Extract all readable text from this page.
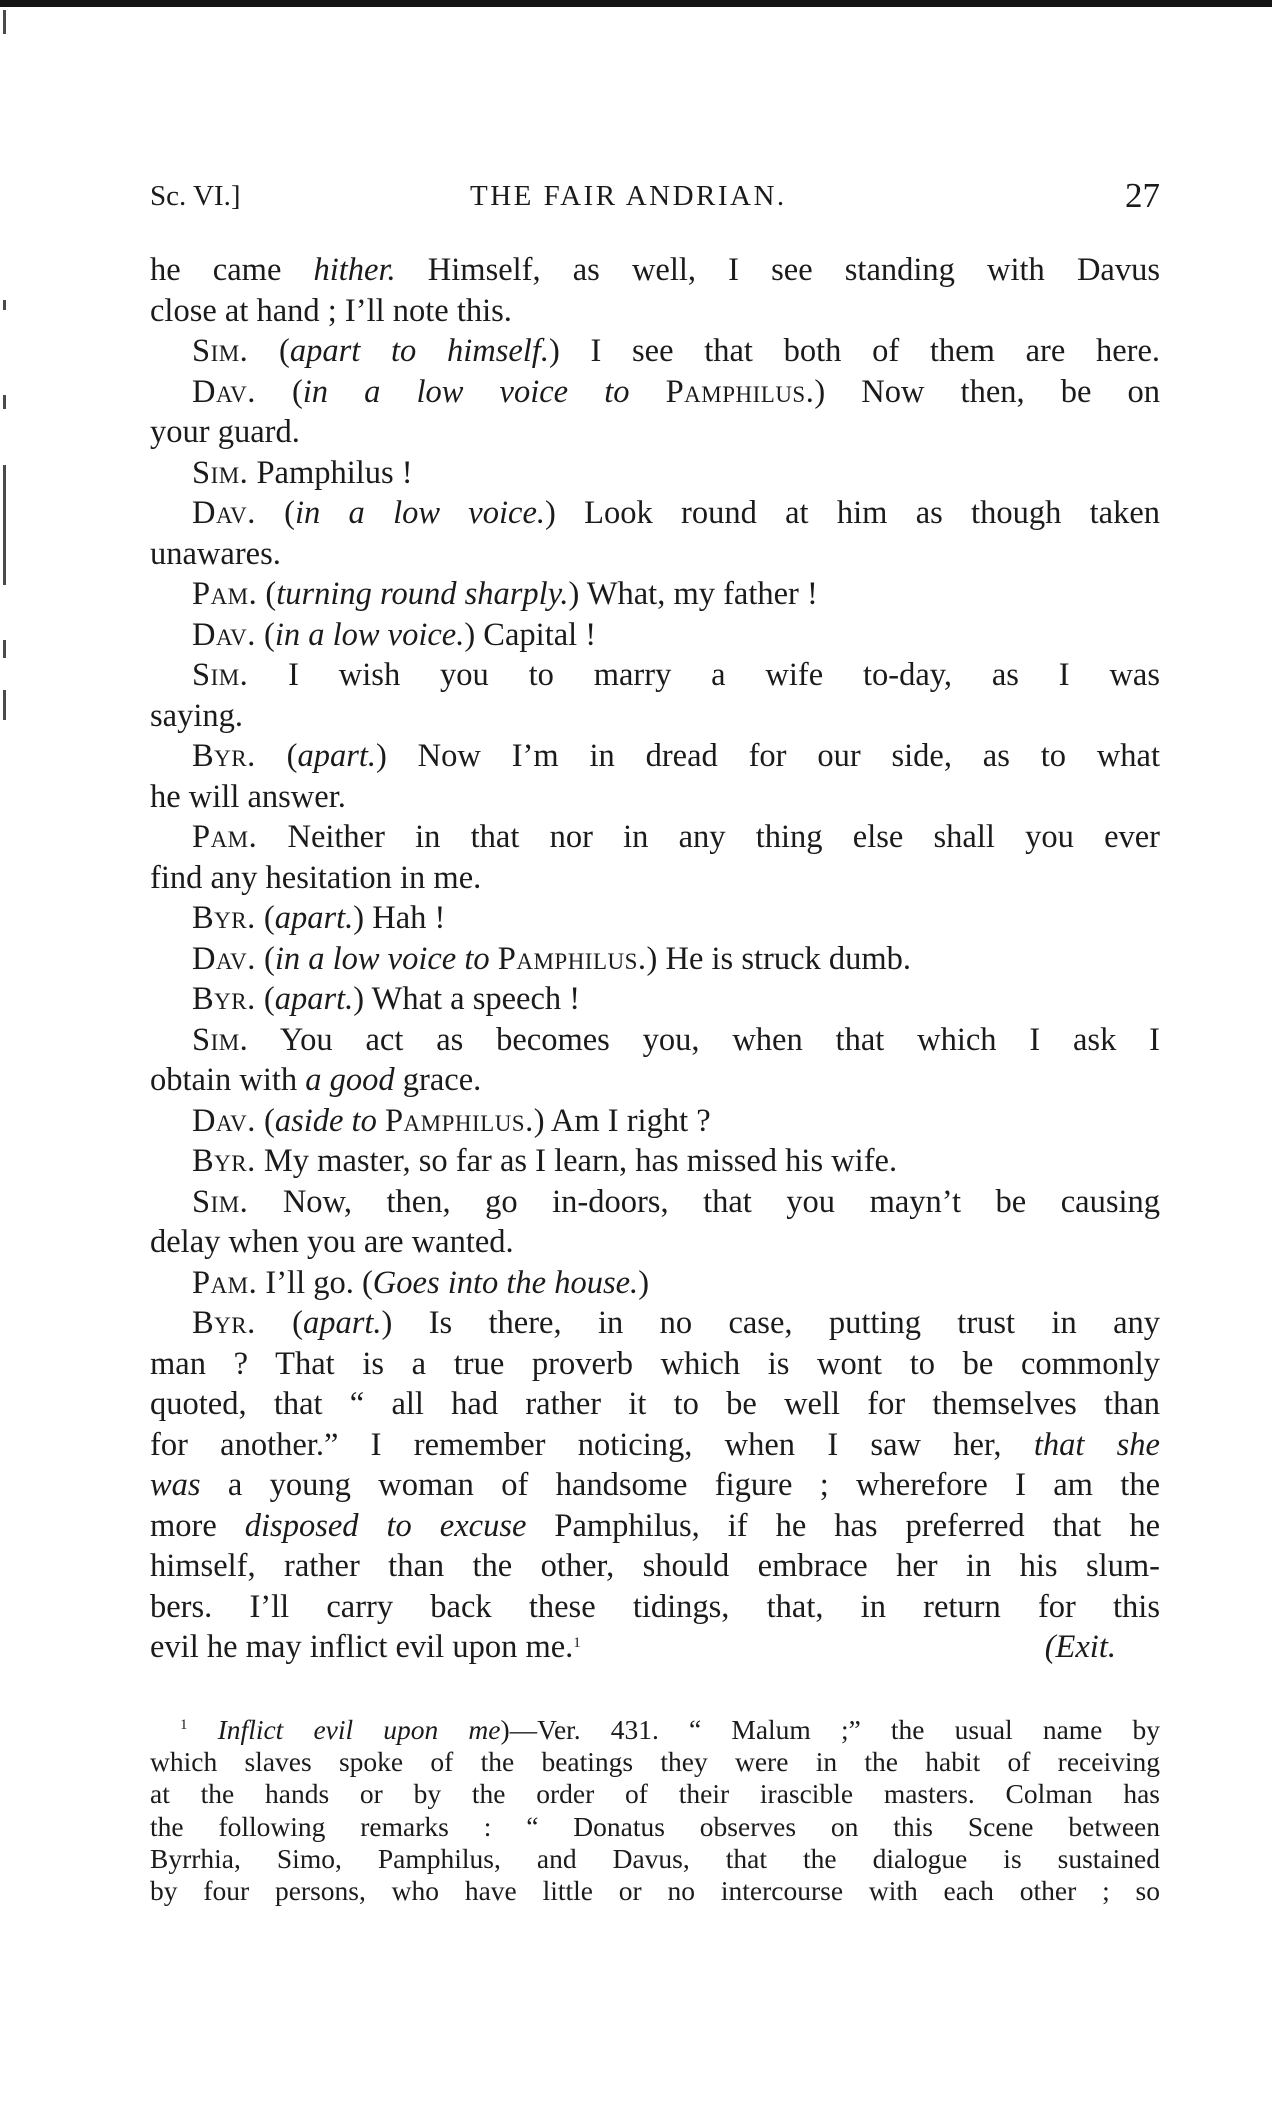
Sc. VI.]	THE FAIR ANDRIAN.	27
he came hither. Himself, as well, I see standing with Davus
close at hand ; I’ll note this.
Sim. (apart to himself.) I see that both of them are here.
Dav. (in a low voice to Pamphilus.) Now then, be on
your guard.
Sim. Pamphilus !
Dav. (in a low voice.) Look round at him as though taken
unawares.
Pam. (turning round sharply.) What, my father !
Dav. (in a low voice.) Capital !
Sim. I wish you to marry a wife to-day, as I was
saying.
Byr. (apart.) Now I’m in dread for our side, as to what
he will answer.
Pam. Neither in that nor in any thing else shall you ever
find any hesitation in me.
Byr. (apart.) Hah !
Dav. (in a low voice to Pamphilus.) He is struck dumb.
Byr. (apart.) What a speech !
Sim. You act as becomes you, when that which I ask I
obtain with a good grace.
Dav. (aside to Pamphilus.) Am I right ?
Byr. My master, so far as I learn, has missed his wife.
Sim. Now, then, go in-doors, that you mayn’t be causing
delay when you are wanted.
Pam. I’ll go. (Goes into the house.)
Byr. (apart.) Is there, in no case, putting trust in any
man ? That is a true proverb which is wont to be commonly
quoted, that “ all had rather it to be well for themselves than
for another.” I remember noticing, when I saw her, that she
was a young woman of handsome figure ; wherefore I am the
more disposed to excuse Pamphilus, if he has preferred that he
himself, rather than the other, should embrace her in his slum-
bers. I’ll carry back these tidings, that, in return for this
evil he may inflict evil upon me.$^1$	(Exit.
$^1$ Inflict evil upon me)—Ver. 431. “ Malum ;” the usual name by
which slaves spoke of the beatings they were in the habit of receiving
at the hands or by the order of their irascible masters. Colman has
the following remarks : “ Donatus observes on this Scene between
Byrrhia, Simo, Pamphilus, and Davus, that the dialogue is sustained
by four persons, who have little or no intercourse with each other ; so
